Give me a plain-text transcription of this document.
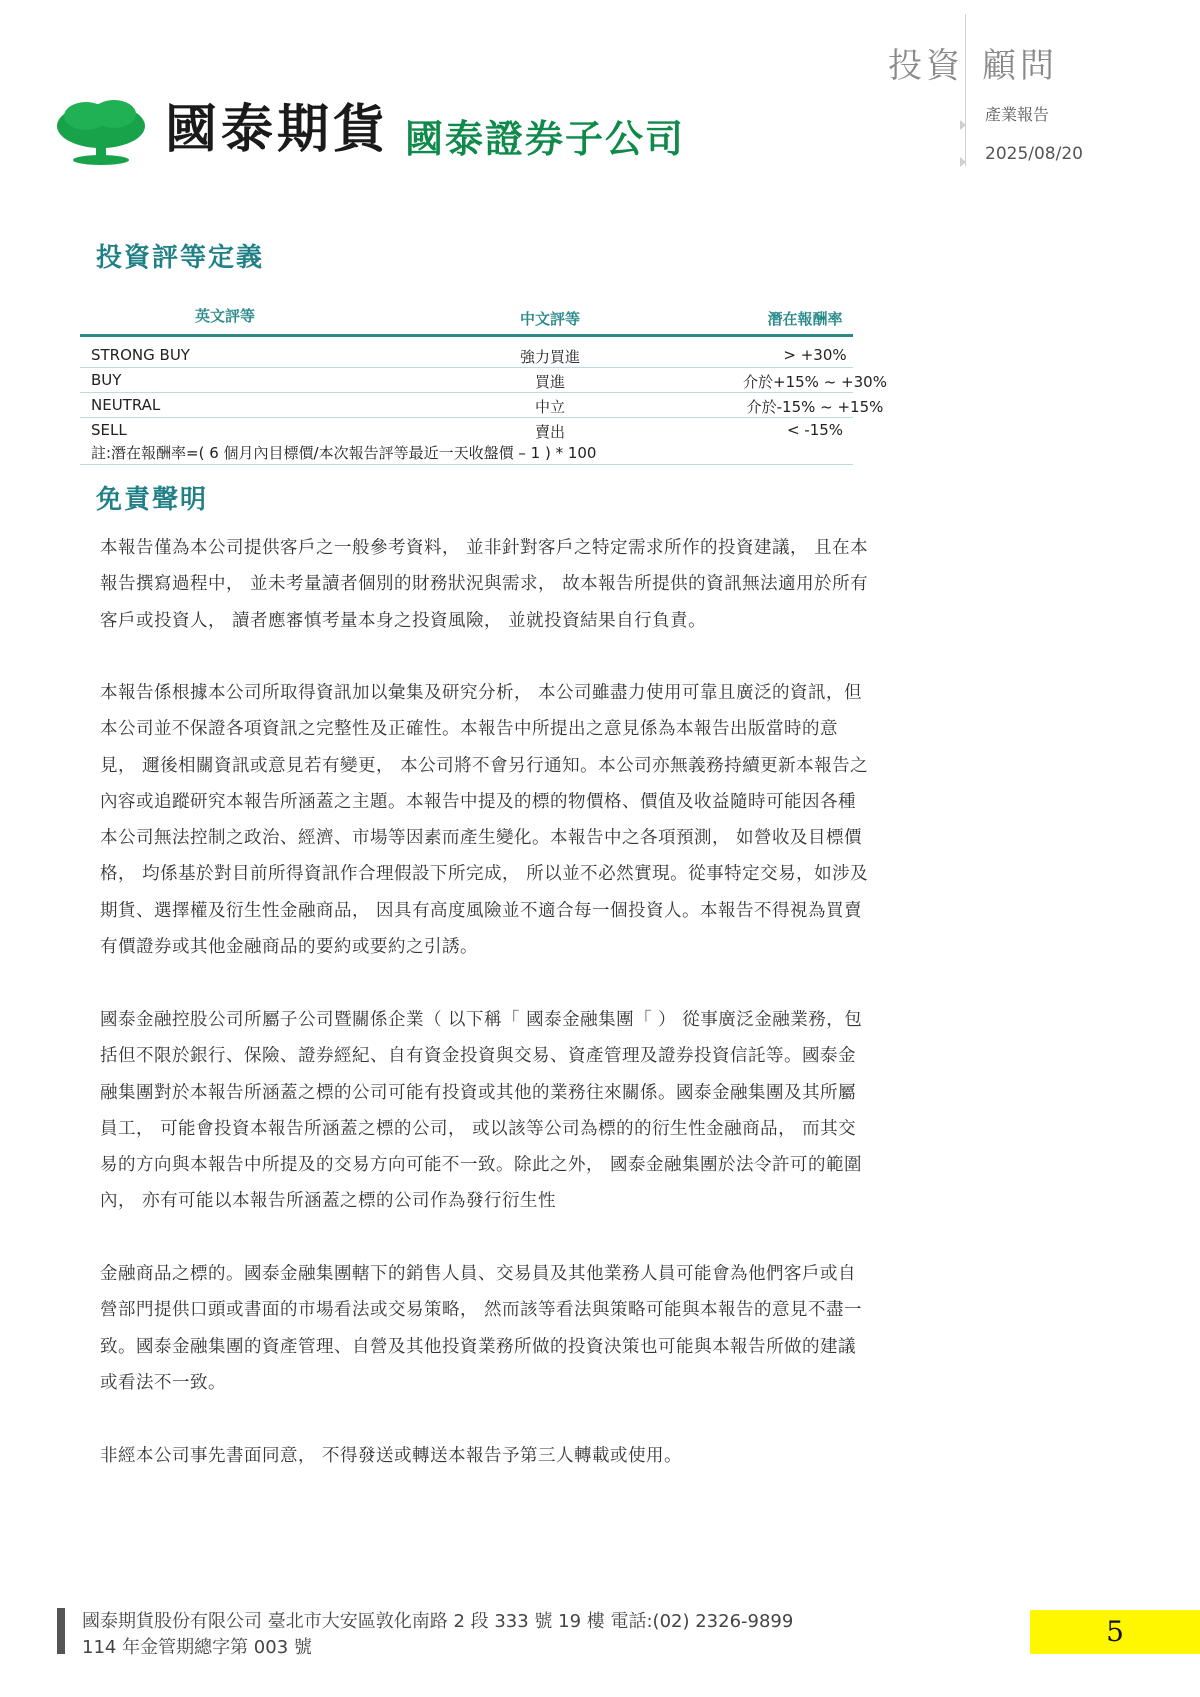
國泰期貨 國泰證券子公司
投資 顧問
產業報告
2025/08/20
投資評等定義
英文評等	中文評等	潛在報酬率
STRONG BUY	強力買進	> +30%
BUY	買進	介於+15% ~ +30%
NEUTRAL	中立	介於-15% ~ +15%
SELL	賣出	< -15%
註:潛在報酬率=( 6 個月內目標價/本次報告評等最近一天收盤價 – 1 ) * 100
免責聲明

本報告僅為本公司提供客戶之一般參考資料， 並非針對客戶之特定需求所作的投資建議， 且在本報告撰寫過程中， 並未考量讀者個別的財務狀況與需求， 故本報告所提供的資訊無法適用於所有客戶或投資人， 讀者應審慎考量本身之投資風險， 並就投資結果自行負責。

本報告係根據本公司所取得資訊加以彙集及研究分析， 本公司雖盡力使用可靠且廣泛的資訊，但本公司並不保證各項資訊之完整性及正確性。本報告中所提出之意見係為本報告出版當時的意見， 邇後相關資訊或意見若有變更， 本公司將不會另行通知。本公司亦無義務持續更新本報告之內容或追蹤研究本報告所涵蓋之主題。本報告中提及的標的物價格、價值及收益隨時可能因各種本公司無法控制之政治、經濟、市場等因素而產生變化。本報告中之各項預測， 如營收及目標價格， 均係基於對目前所得資訊作合理假設下所完成， 所以並不必然實現。從事特定交易，如涉及期貨、選擇權及衍生性金融商品， 因具有高度風險並不適合每一個投資人。本報告不得視為買賣有價證券或其他金融商品的要約或要約之引誘。

國泰金融控股公司所屬子公司暨關係企業（ 以下稱「 國泰金融集團「 ） 從事廣泛金融業務，包括但不限於銀行、保險、證券經紀、自有資金投資與交易、資產管理及證券投資信託等。國泰金融集團對於本報告所涵蓋之標的公司可能有投資或其他的業務往來關係。國泰金融集團及其所屬員工， 可能會投資本報告所涵蓋之標的公司， 或以該等公司為標的的衍生性金融商品， 而其交易的方向與本報告中所提及的交易方向可能不一致。除此之外， 國泰金融集團於法令許可的範圍內， 亦有可能以本報告所涵蓋之標的公司作為發行衍生性

金融商品之標的。國泰金融集團轄下的銷售人員、交易員及其他業務人員可能會為他們客戶或自營部門提供口頭或書面的市場看法或交易策略， 然而該等看法與策略可能與本報告的意見不盡一致。國泰金融集團的資產管理、自營及其他投資業務所做的投資決策也可能與本報告所做的建議或看法不一致。

非經本公司事先書面同意， 不得發送或轉送本報告予第三人轉載或使用。

國泰期貨股份有限公司 臺北市大安區敦化南路 2 段 333 號 19 樓 電話:(02) 2326-9899
114 年金管期總字第 003 號	5
